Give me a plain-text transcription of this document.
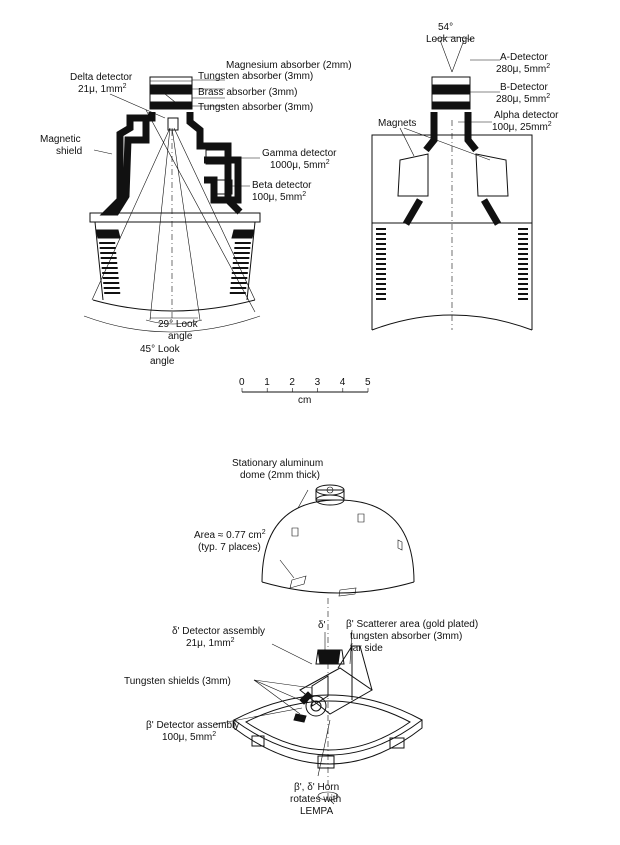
Magnesium absorber (2mm)
Tungsten absorber (3mm)
Brass absorber (3mm)
Tungsten absorber (3mm)
Delta detector
21μ, $1mm^2$
Magnetic
shield	Gamma detector
1000μ, $5mm^2$
Beta detector
100μ, $5mm^2$
29° Look
angle
45° Look
angle
54°
Look angle
A-Detector
280μ, $5mm^2$
B-Detector
280μ, $5mm^2$
Alpha detector
100μ, $25mm^2$
Magnets
0 1 2 3 4 5
cm
Stationary aluminum
dome (2mm thick)
Area ≈ 0.77 $cm^2$
(typ. 7 places)
δ' β' Scatterer area (gold plated)
tungsten absorber (3mm)
far side
δ' Detector assembly
21μ, $1mm^2$
Tungsten shields (3mm)
β' Detector assembly
100μ, $5mm^2$
β', δ' Horn
rotates with
LEMPA
